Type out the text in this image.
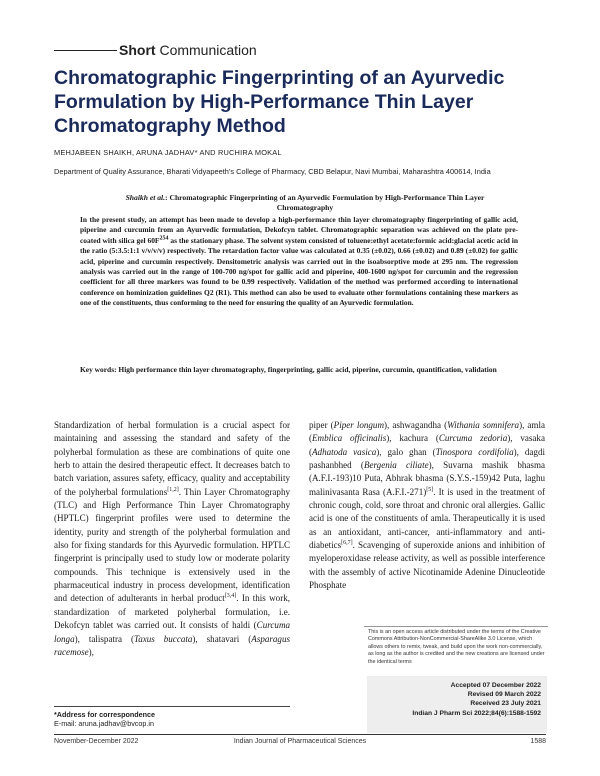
Short Communication
Chromatographic Fingerprinting of an Ayurvedic Formulation by High-Performance Thin Layer Chromatography Method
MEHJABEEN SHAIKH, ARUNA JADHAV* AND RUCHIRA MOKAL
Department of Quality Assurance, Bharati Vidyapeeth’s College of Pharmacy, CBD Belapur, Navi Mumbai, Maharashtra 400614, India
Shaikh et al.: Chromatographic Fingerprinting of an Ayurvedic Formulation by High-Performance Thin Layer Chromatography
In the present study, an attempt has been made to develop a high-performance thin layer chromatography fingerprinting of gallic acid, piperine and curcumin from an Ayurvedic formulation, Dekofcyn tablet. Chromatographic separation was achieved on the plate pre-coated with silica gel $60F^{254}$ as the stationary phase. The solvent system consisted of toluene:ethyl acetate:formic acid:glacial acetic acid in the ratio (5:3.5:1:1 v/v/v/v) respectively. The retardation factor value was calculated at 0.35 (±0.02), 0.66 (±0.02) and 0.89 (±0.02) for gallic acid, piperine and curcumin respectively. Densitometric analysis was carried out in the isoabsorptive mode at 295 nm. The regression analysis was carried out in the range of 100-700 ng/spot for gallic acid and piperine, 400-1600 ng/spot for curcumin and the regression coefficient for all three markers was found to be 0.99 respectively. Validation of the method was performed according to international conference on hominization guidelines Q2 (R1). This method can also be used to evaluate other formulations containing these markers as one of the constituents, thus conforming to the need for ensuring the quality of an Ayurvedic formulation.
Key words: High performance thin layer chromatography, fingerprinting, gallic acid, piperine, curcumin, quantification, validation
Standardization of herbal formulation is a crucial aspect for maintaining and assessing the standard and safety of the polyherbal formulation as these are combinations of quite one herb to attain the desired therapeutic effect. It decreases batch to batch variation, assures safety, efficacy, quality and acceptability of the polyherbal formulations[1,2]. Thin Layer Chromatography (TLC) and High Performance Thin Layer Chromatography (HPTLC) fingerprint profiles were used to determine the identity, purity and strength of the polyherbal formulation and also for fixing standards for this Ayurvedic formulation. HPTLC fingerprint is principally used to study low or moderate polarity compounds. This technique is extensively used in the pharmaceutical industry in process development, identification and detection of adulterants in herbal product[3,4]. In this work, standardization of marketed polyherbal formulation, i.e. Dekofcyn tablet was carried out. It consists of haldi (Curcuma longa), talispatra (Taxus buccata), shatavari (Asparagus racemose),
piper (Piper longum), ashwagandha (Withania somnifera), amla (Emblica officinalis), kachura (Curcuma zedoria), vasaka (Adhatoda vasica), galo ghan (Tinospora cordifolia), dagdi pashanbhed (Bergenia ciliate), Suvarna mashik bhasma (A.F.I.-193)10 Puta, Abhrak bhasma (S.Y.S.-159)42 Puta, laghu malinivasanta Rasa (A.F.I.-271)[5]. It is used in the treatment of chronic cough, cold, sore throat and chronic oral allergies. Gallic acid is one of the constituents of amla. Therapeutically it is used as an antioxidant, anti-cancer, anti-inflammatory and anti-diabetics[6,7]. Scavenging of superoxide anions and inhibition of myeloperoxidase release activity, as well as possible interference with the assembly of active Nicotinamide Adenine Dinucleotide Phosphate
This is an open access article distributed under the terms of the Creative Commons Attribution-NonCommercial-ShareAlike 3.0 License, which allows others to remix, tweak, and build upon the work non-commercially, as long as the author is credited and the new creations are licensed under the identical terms
Accepted 07 December 2022
Revised 09 March 2022
Received 23 July 2021
Indian J Pharm Sci 2022;84(6):1588-1592
*Address for correspondence
E-mail: aruna.jadhav@bvcop.in
Indian Journal of Pharmaceutical Sciences
November-December 2022	1588
